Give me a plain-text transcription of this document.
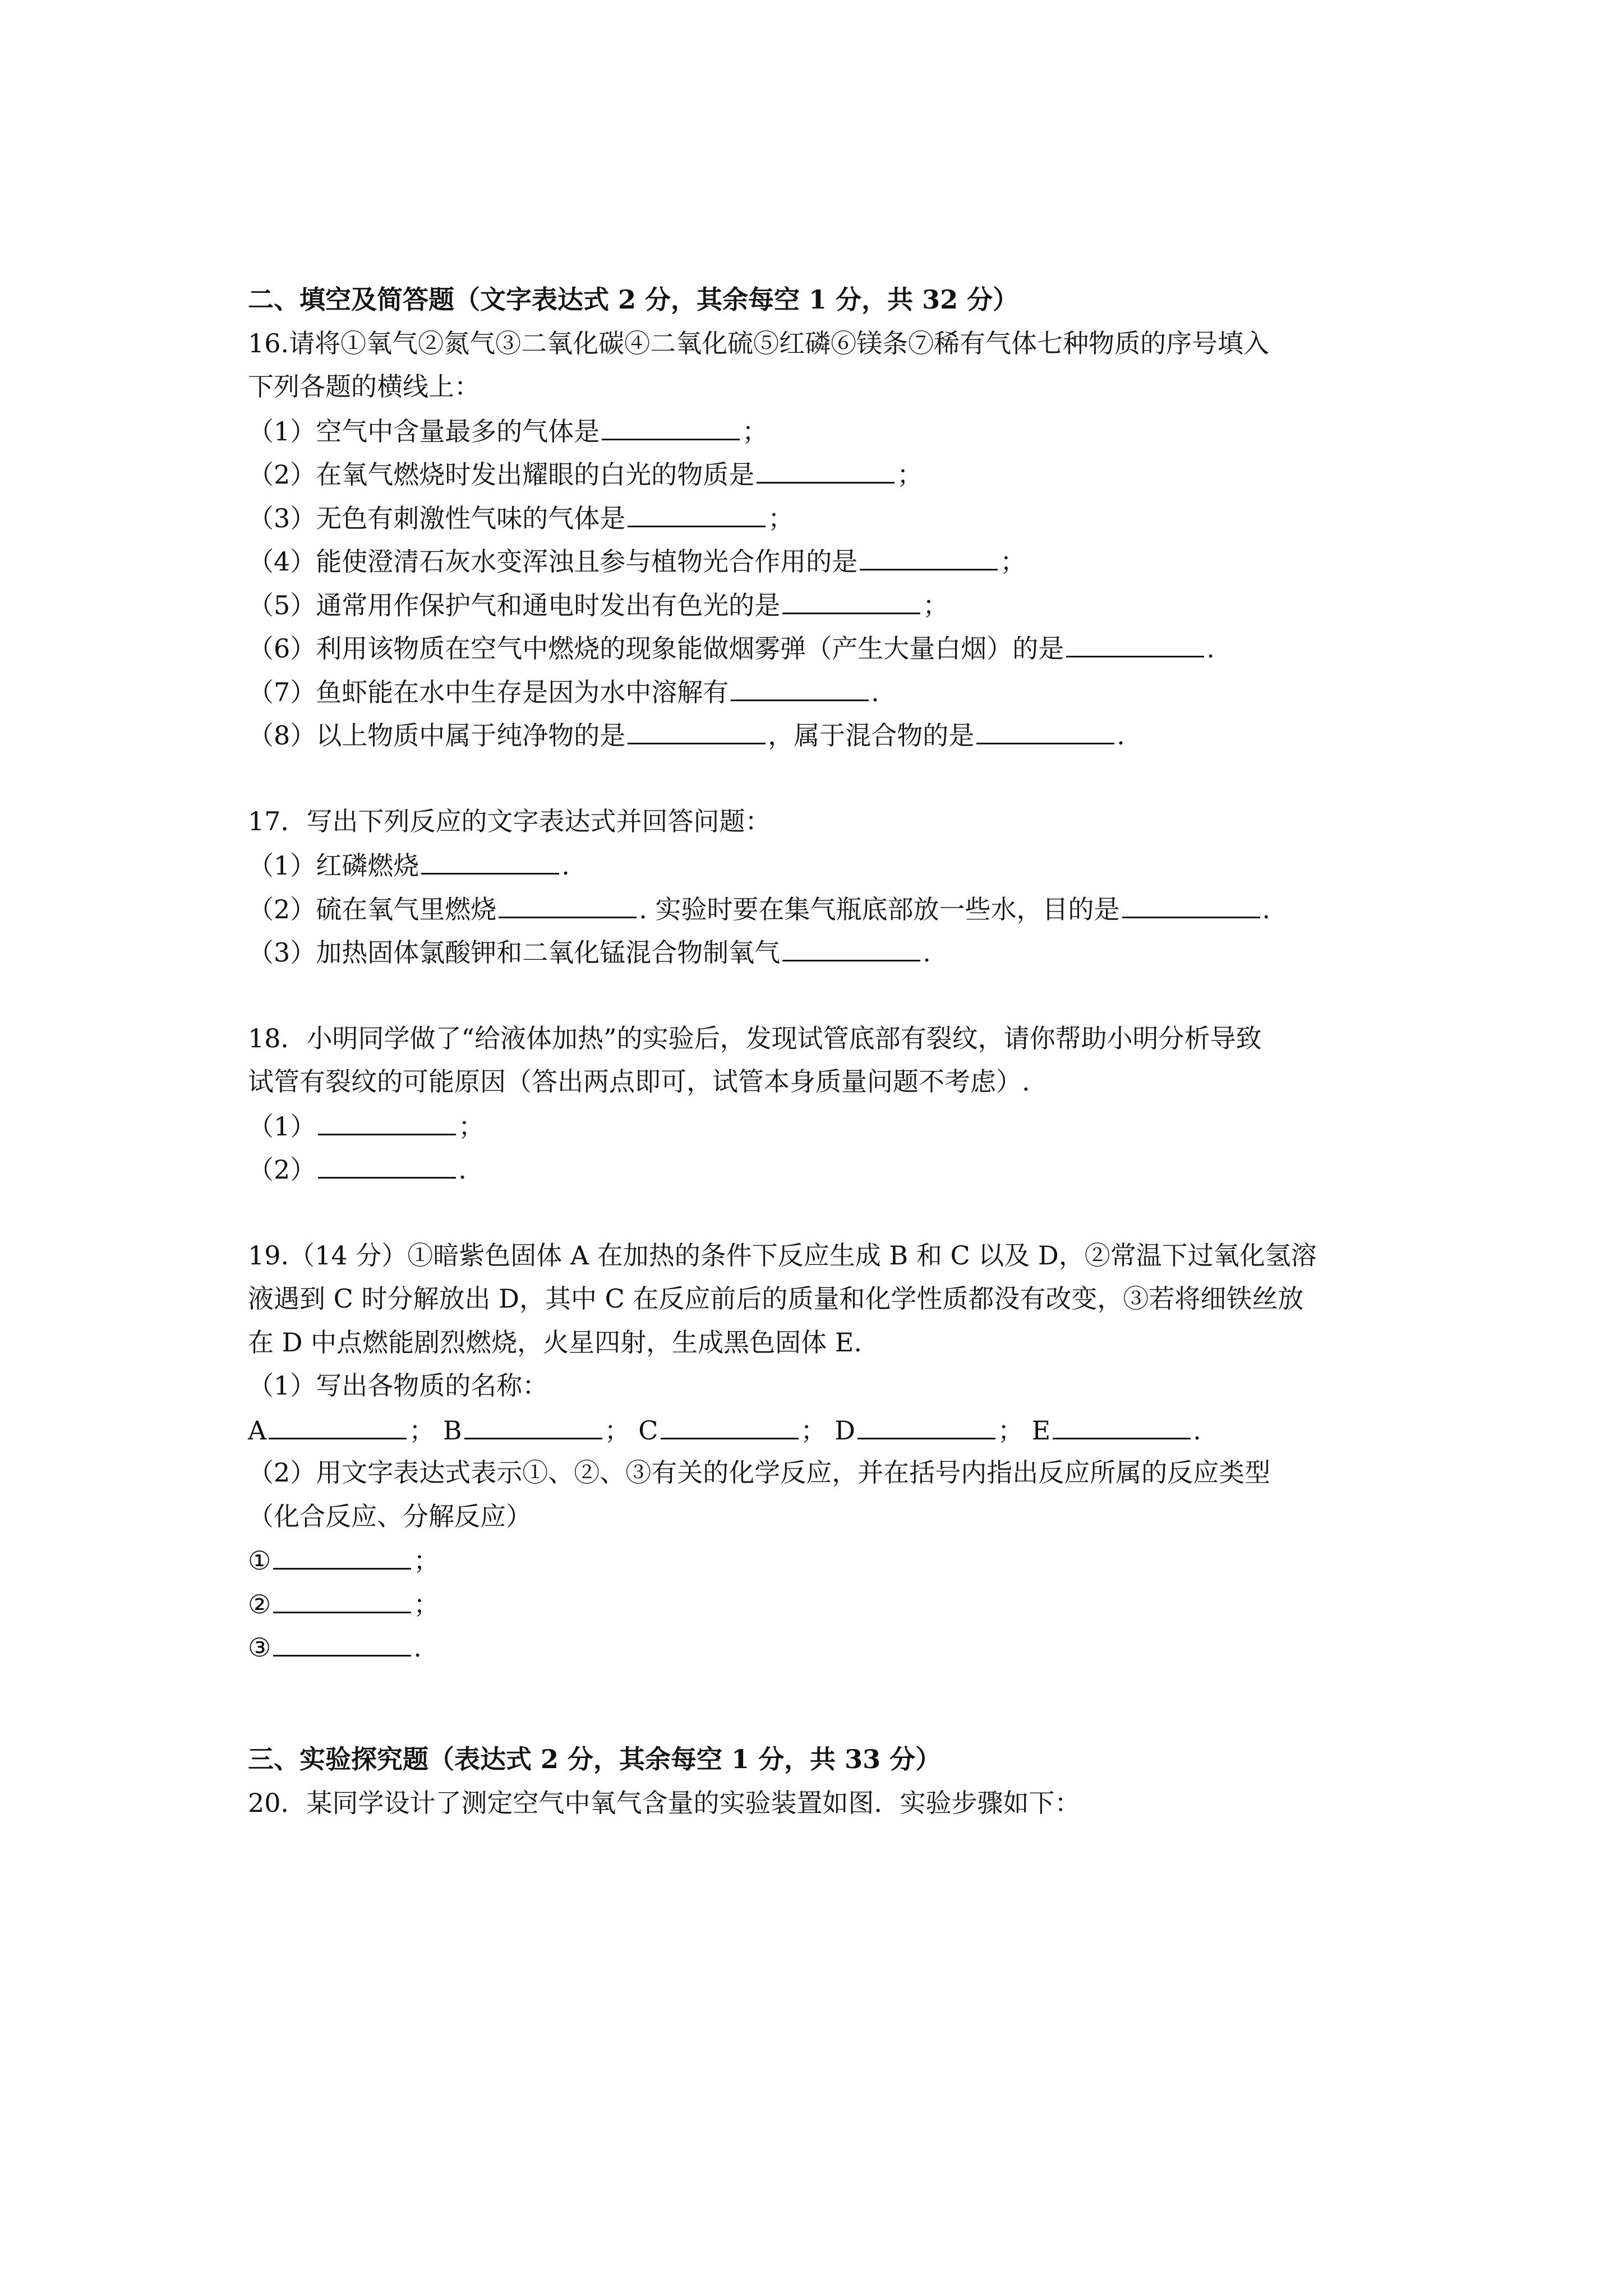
二、填空及简答题（文字表达式 2 分，其余每空 1 分，共 32 分）
16.请将①氧气②氮气③二氧化碳④二氧化硫⑤红磷⑥镁条⑦稀有气体七种物质的序号填入
下列各题的横线上：
（1）空气中含量最多的气体是	；
（2）在氧气燃烧时发出耀眼的白光的物质是	；
（3）无色有刺激性气味的气体是	；
（4）能使澄清石灰水变浑浊且参与植物光合作用的是	；
（5）通常用作保护气和通电时发出有色光的是	；
（6）利用该物质在空气中燃烧的现象能做烟雾弹（产生大量白烟）的是	.
（7）鱼虾能在水中生存是因为水中溶解有	.
（8）以上物质中属于纯净物的是	，属于混合物的是	.
17．写出下列反应的文字表达式并回答问题：
（1）红磷燃烧	.
（2）硫在氧气里燃烧	. 实验时要在集气瓶底部放一些水，目的是	.
（3）加热固体氯酸钾和二氧化锰混合物制氧气	.
18．小明同学做了“给液体加热”的实验后，发现试管底部有裂纹，请你帮助小明分析导致
试管有裂纹的可能原因（答出两点即可，试管本身质量问题不考虑）.
（1）	；
（2）	.
19.（14 分）①暗紫色固体 A 在加热的条件下反应生成 B 和 C 以及 D，②常温下过氧化氢溶
液遇到 C 时分解放出 D，其中 C 在反应前后的质量和化学性质都没有改变，③若将细铁丝放
在 D 中点燃能剧烈燃烧，火星四射，生成黑色固体 E.
（1）写出各物质的名称：
A	； B	； C	； D	； E	.
（2）用文字表达式表示①、②、③有关的化学反应，并在括号内指出反应所属的反应类型
（化合反应、分解反应）
①	；
②	；
③	.
三、实验探究题（表达式 2 分，其余每空 1 分，共 33 分）
20．某同学设计了测定空气中氧气含量的实验装置如图．实验步骤如下：
